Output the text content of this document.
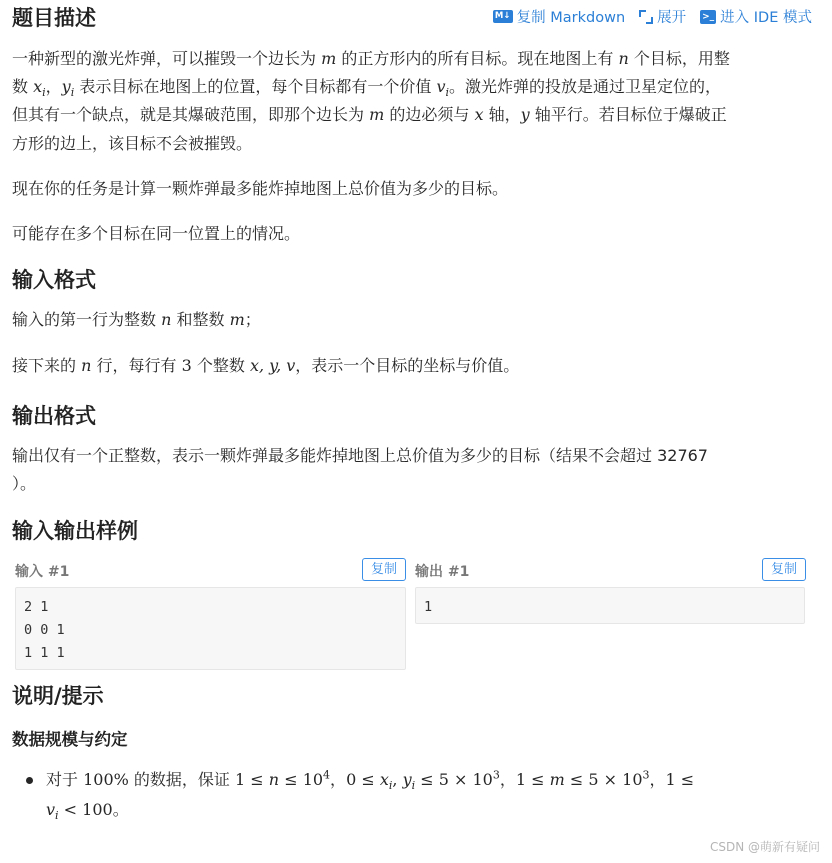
M↓ 复制 Markdown 展开 >_ 进入 IDE 模式
题目描述
一种新型的激光炸弹，可以摧毁一个边长为 m 的正方形内的所有目标。现在地图上有 n 个目标，用整
数 $x_i$，$y_i$ 表示目标在地图上的位置，每个目标都有一个价值 $v_i$。激光炸弹的投放是通过卫星定位的，
但其有一个缺点，就是其爆破范围，即那个边长为 m 的边必须与 x 轴，y 轴平行。若目标位于爆破正
方形的边上，该目标不会被摧毁。
现在你的任务是计算一颗炸弹最多能炸掉地图上总价值为多少的目标。
可能存在多个目标在同一位置上的情况。
输入格式
输入的第一行为整数 n 和整数 m；
接下来的 n 行，每行有 3 个整数 x, y, v，表示一个目标的坐标与价值。
输出格式
输出仅有一个正整数，表示一颗炸弹最多能炸掉地图上总价值为多少的目标（结果不会超过 32767
）。
输入输出样例
输入 #1	复制
2 1
0 0 1
1 1 1
输出 #1	复制
1
说明/提示
数据规模与约定
对于 100% 的数据，保证 $1 \le n \le 10^4$，$0 \le x_i$, $y_i \le 5 \times 10^3$，$1 \le m \le 5 \times 10^3$，1 ≤
$v_i < 100$。
CSDN @萌新有疑问
